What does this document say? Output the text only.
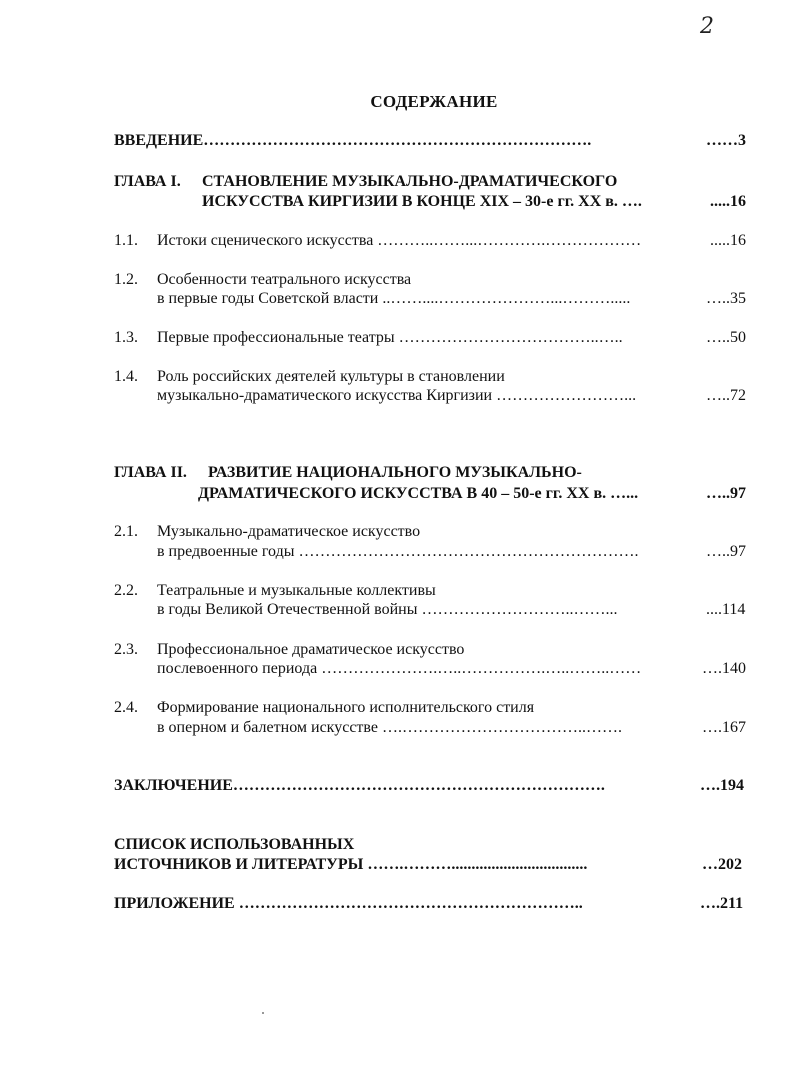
2
СОДЕРЖАНИЕ
ВВЕДЕНИЕ……………………………………………………………….	……3
ГЛАВА I. СТАНОВЛЕНИЕ МУЗЫКАЛЬНО-ДРАМАТИЧЕСКОГО
ИСКУССТВА КИРГИЗИИ В КОНЦЕ XIX – 30-е гг. XX в. ….	.....16
1.1. Истоки сценического искусства ………..……...………….………………	.....16
1.2. Особенности театрального искусства
в первые годы Советской власти ..……....…………………...……….....	…..35
1.3. Первые профессиональные театры ………………………………..…..	…..50
1.4. Роль российских деятелей культуры в становлении
музыкально-драматического искусства Киргизии ……………………...	…..72
ГЛАВА II. РАЗВИТИЕ НАЦИОНАЛЬНОГО МУЗЫКАЛЬНО-
ДРАМАТИЧЕСКОГО ИСКУССТВА В 40 – 50-е гг. XX в. …...	…..97
2.1. Музыкально-драматическое искусство
в предвоенные годы ……………………………………………………….	…..97
2.2. Театральные и музыкальные коллективы
в годы Великой Отечественной войны ………………………..……...	....114
2.3. Профессиональное драматическое искусство
послевоенного периода ………………….…..…………….…..……..……	….140
2.4. Формирование национального исполнительского стиля
в оперном и балетном искусстве ….……………………………..…….	….167
ЗАКЛЮЧЕНИЕ…………………………………………………………….	….194
СПИСОК ИСПОЛЬЗОВАННЫХ
ИСТОЧНИКОВ И ЛИТЕРАТУРЫ …….………..................................	…202
ПРИЛОЖЕНИЕ ………………………………………………………..	….211
